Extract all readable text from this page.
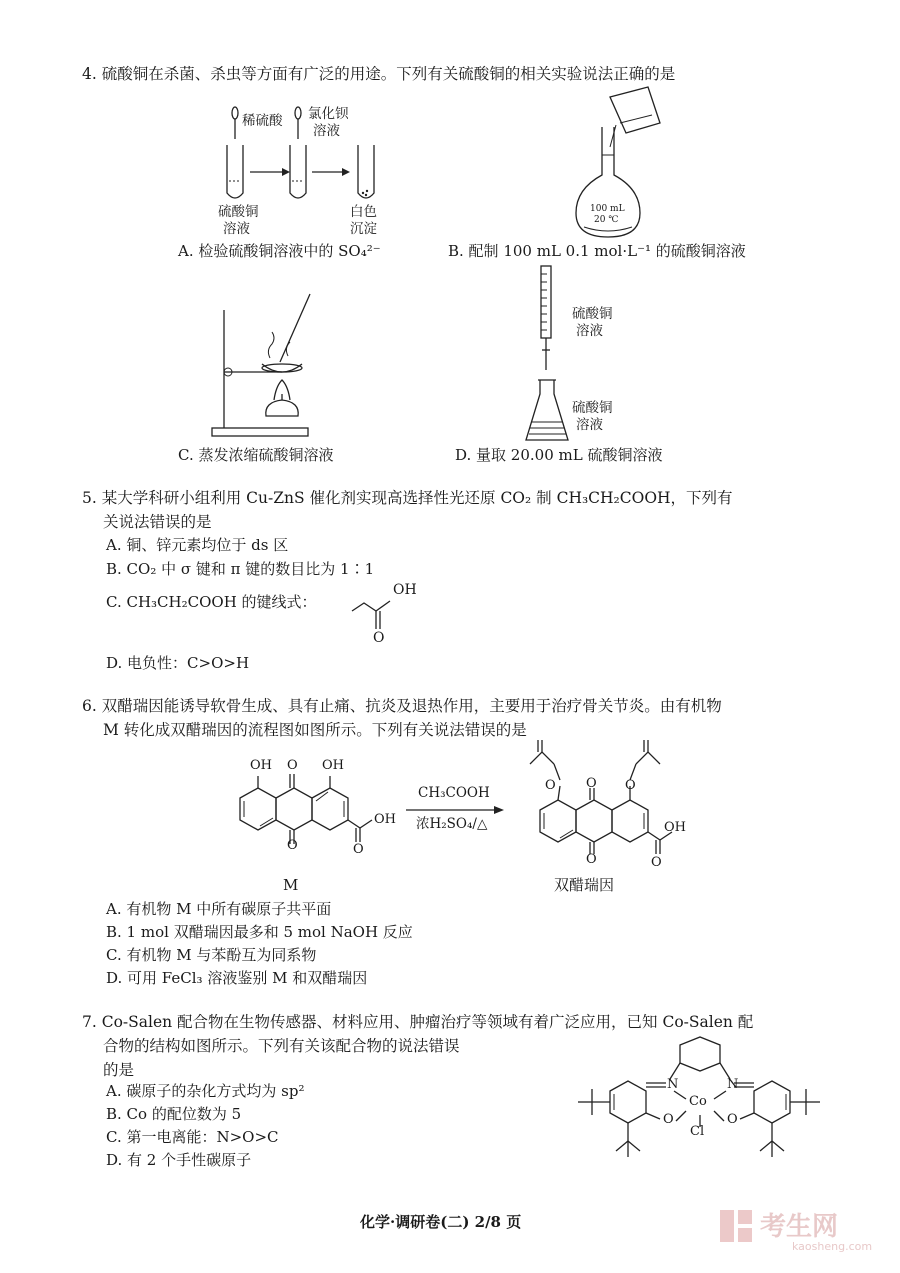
4. 硫酸铜在杀菌、杀虫等方面有广泛的用途。下列有关硫酸铜的相关实验说法正确的是
稀硫酸 氯化钡
溶液
硫酸铜
溶液
白色
沉淀
100 mL
20 ℃
A. 检验硫酸铜溶液中的 SO₄²⁻	B. 配制 100 mL 0.1 mol·L⁻¹ 的硫酸铜溶液
C. 蒸发浓缩硫酸铜溶液
硫酸铜
溶液
硫酸铜
溶液
D. 量取 20.00 mL 硫酸铜溶液
5. 某大学科研小组利用 Cu-ZnS 催化剂实现高选择性光还原 CO₂ 制 CH₃CH₂COOH，下列有
关说法错误的是
A. 铜、锌元素均位于 ds 区
B. CO₂ 中 σ 键和 π 键的数目比为 1∶1
C. CH₃CH₂COOH 的键线式：
OH
O
D. 电负性：C>O>H
6. 双醋瑞因能诱导软骨生成、具有止痛、抗炎及退热作用，主要用于治疗骨关节炎。由有机物
M 转化成双醋瑞因的流程图如图所示。下列有关说法错误的是
OH O OH
OH
O	O
M
CH₃COOH
浓H₂SO₄/△
O	O
O
OH
O	O
双醋瑞因
A. 有机物 M 中所有碳原子共平面
B. 1 mol 双醋瑞因最多和 5 mol NaOH 反应
C. 有机物 M 与苯酚互为同系物
D. 可用 FeCl₃ 溶液鉴别 M 和双醋瑞因
7. Co-Salen 配合物在生物传感器、材料应用、肿瘤治疗等领域有着广泛应用，已知 Co-Salen 配
合物的结构如图所示。下列有关该配合物的说法错误
的是
A. 碳原子的杂化方式均为 sp²
B. Co 的配位数为 5
C. 第一电离能：N>O>C
D. 有 2 个手性碳原子
N	N
Co
O	O
Cl
化学·调研卷(二) 2/8 页	考生网
kaosheng.com
